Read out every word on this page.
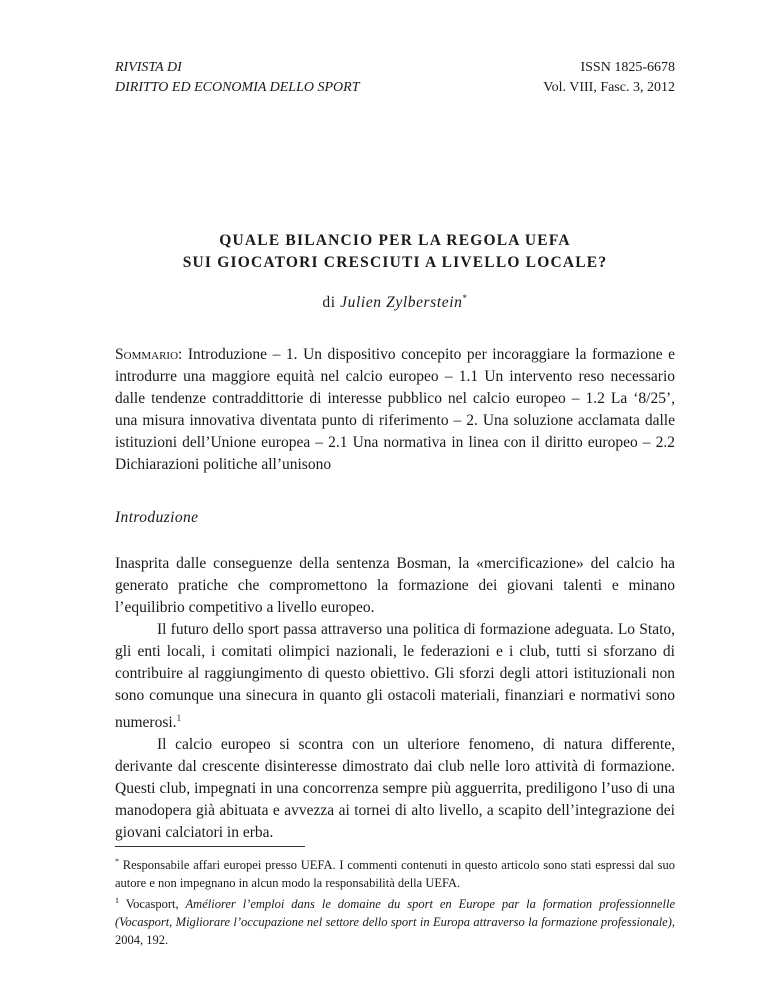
RIVISTA DI
DIRITTO ED ECONOMIA DELLO SPORT
ISSN 1825-6678
Vol. VIII, Fasc. 3, 2012
QUALE BILANCIO PER LA REGOLA UEFA
SUI GIOCATORI CRESCIUTI A LIVELLO LOCALE?
di Julien Zylberstein*
Sommario: Introduzione – 1. Un dispositivo concepito per incoraggiare la formazione e introdurre una maggiore equità nel calcio europeo – 1.1 Un intervento reso necessario dalle tendenze contraddittorie di interesse pubblico nel calcio europeo – 1.2 La ‘8/25’, una misura innovativa diventata punto di riferimento – 2. Una soluzione acclamata dalle istituzioni dell’Unione europea – 2.1 Una normativa in linea con il diritto europeo – 2.2 Dichiarazioni politiche all’unisono
Introduzione

Inasprita dalle conseguenze della sentenza Bosman, la «mercificazione» del calcio ha generato pratiche che compromettono la formazione dei giovani talenti e minano l’equilibrio competitivo a livello europeo.

Il futuro dello sport passa attraverso una politica di formazione adeguata. Lo Stato, gli enti locali, i comitati olimpici nazionali, le federazioni e i club, tutti si sforzano di contribuire al raggiungimento di questo obiettivo. Gli sforzi degli attori istituzionali non sono comunque una sinecura in quanto gli ostacoli materiali, finanziari e normativi sono numerosi.$^1$

Il calcio europeo si scontra con un ulteriore fenomeno, di natura differente, derivante dal crescente disinteresse dimostrato dai club nelle loro attività di formazione. Questi club, impegnati in una concorrenza sempre più agguerrita, prediligono l’uso di una manodopera già abituata e avvezza ai tornei di alto livello, a scapito dell’integrazione dei giovani calciatori in erba.

* Responsabile affari europei presso UEFA. I commenti contenuti in questo articolo sono stati espressi dal suo autore e non impegnano in alcun modo la responsabilità della UEFA.

$^1$ Vocasport, Améliorer l’emploi dans le domaine du sport en Europe par la formation professionnelle (Vocasport, Migliorare l’occupazione nel settore dello sport in Europa attraverso la formazione professionale), 2004, 192.
